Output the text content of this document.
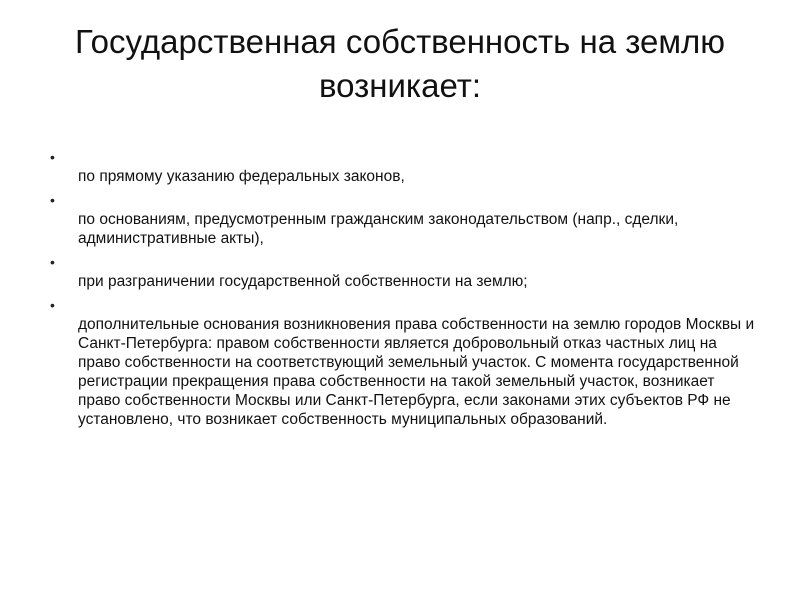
Государственная собственность на землю возникает:
•
по прямому указанию федеральных законов,
•
по основаниям, предусмотренным гражданским законодательством (напр., сделки, административные акты),
•
при разграничении государственной собственности на землю;
•
дополнительные основания возникновения права собственности на землю городов Москвы и Санкт-Петербурга: правом собственности является добровольный отказ частных лиц на право собственности на соответствующий земельный участок. С момента государственной регистрации прекращения права собственности на такой земельный участок, возникает право собственности Москвы или Санкт-Петербурга, если законами этих субъектов РФ не установлено, что возникает собственность муниципальных образований.
